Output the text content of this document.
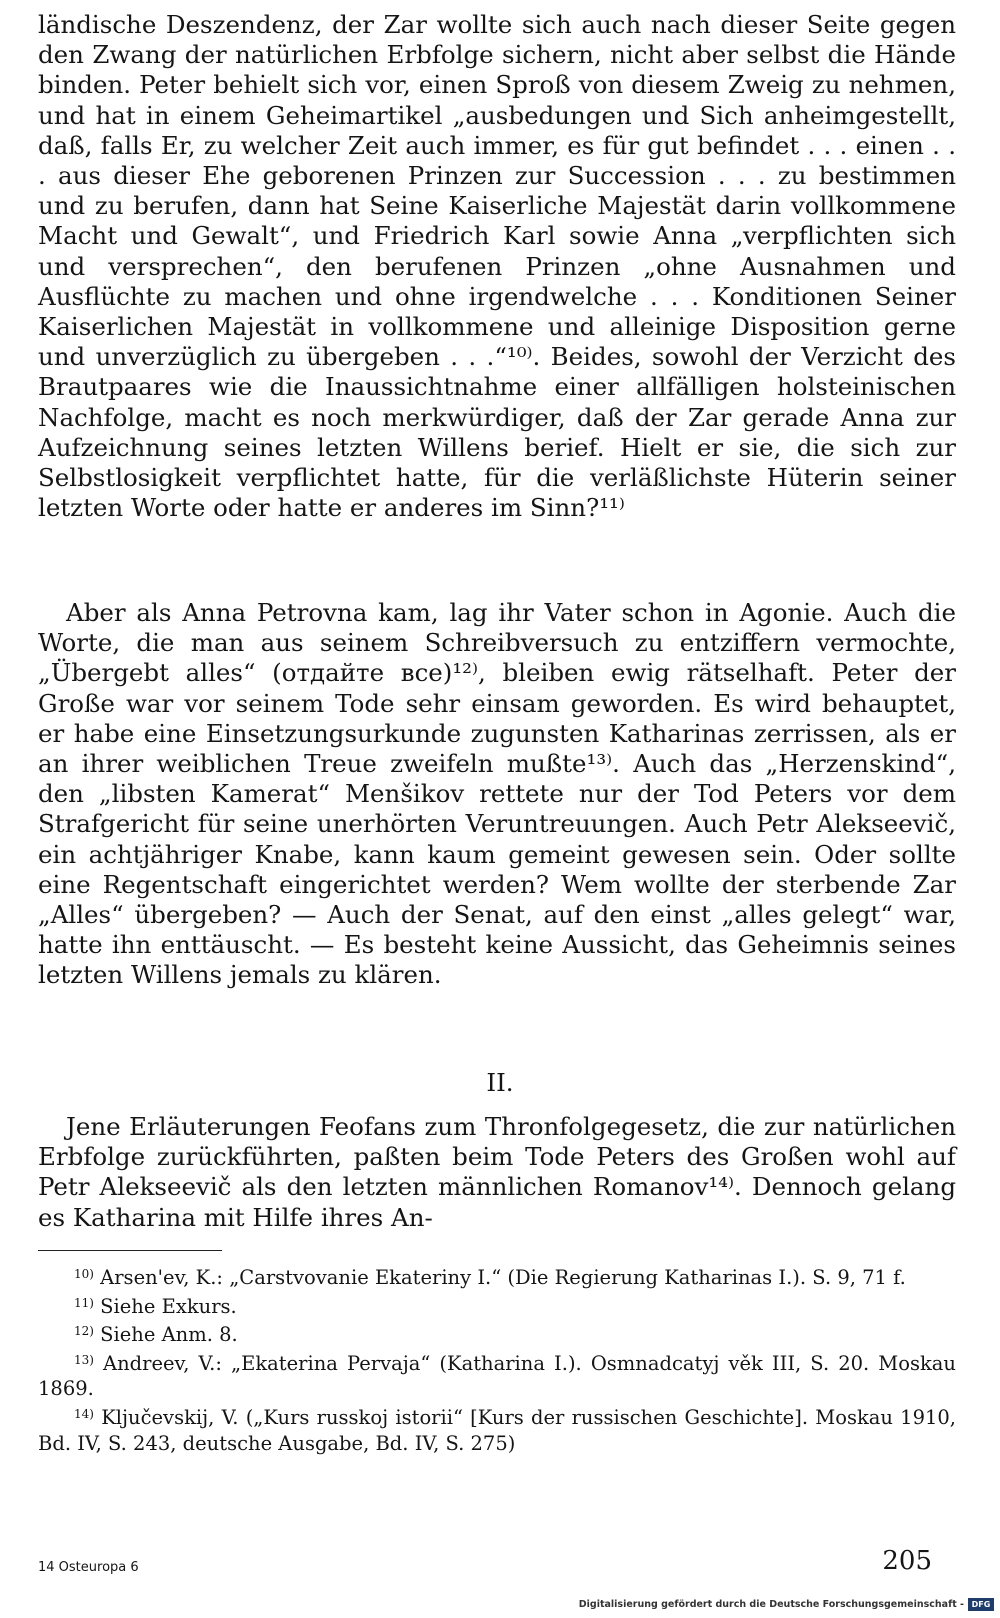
ländische Deszendenz, der Zar wollte sich auch nach dieser Seite gegen den Zwang der natürlichen Erbfolge sichern, nicht aber selbst die Hände binden. Peter behielt sich vor, einen Sproß von diesem Zweig zu nehmen, und hat in einem Geheimartikel „ausbedungen und Sich anheimgestellt, daß, falls Er, zu welcher Zeit auch immer, es für gut befindet . . . einen . . . aus dieser Ehe geborenen Prinzen zur Succession . . . zu bestimmen und zu berufen, dann hat Seine Kaiserliche Majestät darin vollkommene Macht und Gewalt“, und Friedrich Karl sowie Anna „verpflichten sich und versprechen“, den berufenen Prinzen „ohne Ausnahmen und Ausflüchte zu machen und ohne irgendwelche . . . Konditionen Seiner Kaiserlichen Majestät in vollkommene und alleinige Disposition gerne und unverzüglich zu übergeben . . .“¹⁰⁾. Beides, sowohl der Verzicht des Brautpaares wie die Inaussichtnahme einer allfälligen holsteinischen Nachfolge, macht es noch merkwürdiger, daß der Zar gerade Anna zur Aufzeichnung seines letzten Willens berief. Hielt er sie, die sich zur Selbstlosigkeit verpflichtet hatte, für die verläßlichste Hüterin seiner letzten Worte oder hatte er anderes im Sinn?¹¹⁾

Aber als Anna Petrovna kam, lag ihr Vater schon in Agonie. Auch die Worte, die man aus seinem Schreibversuch zu entziffern vermochte, „Übergebt alles“ (отдайте все)¹²⁾, bleiben ewig rätselhaft. Peter der Große war vor seinem Tode sehr einsam geworden. Es wird behauptet, er habe eine Einsetzungsurkunde zugunsten Katharinas zerrissen, als er an ihrer weiblichen Treue zweifeln mußte¹³⁾. Auch das „Herzenskind“, den „libsten Kamerat“ Menšikov rettete nur der Tod Peters vor dem Strafgericht für seine unerhörten Veruntreuungen. Auch Petr Alekseevič, ein achtjähriger Knabe, kann kaum gemeint gewesen sein. Oder sollte eine Regentschaft eingerichtet werden? Wem wollte der sterbende Zar „Alles“ übergeben? — Auch der Senat, auf den einst „alles gelegt“ war, hatte ihn enttäuscht. — Es besteht keine Aussicht, das Geheimnis seines letzten Willens jemals zu klären.

II.

Jene Erläuterungen Feofans zum Thronfolgegesetz, die zur natürlichen Erbfolge zurückführten, paßten beim Tode Peters des Großen wohl auf Petr Alekseevič als den letzten männlichen Romanov¹⁴⁾. Dennoch gelang es Katharina mit Hilfe ihres An-

$^{10)}$ Arsen'ev, K.: „Carstvovanie Ekateriny I.“ (Die Regierung Katharinas I.). S. 9, 71 f.

$^{11)}$ Siehe Exkurs.

$^{12)}$ Siehe Anm. 8.

$^{13)}$ Andreev, V.: „Ekaterina Pervaja“ (Katharina I.). Osmnadcatyj věk III, S. 20. Moskau 1869.

$^{14)}$ Ključevskij, V. („Kurs russkoj istorii“ [Kurs der russischen Geschichte]. Moskau 1910, Bd. IV, S. 243, deutsche Ausgabe, Bd. IV, S. 275)

14 Osteuropa 6	205
Digitalisierung gefördert durch die Deutsche Forschungsgemeinschaft - DFG
